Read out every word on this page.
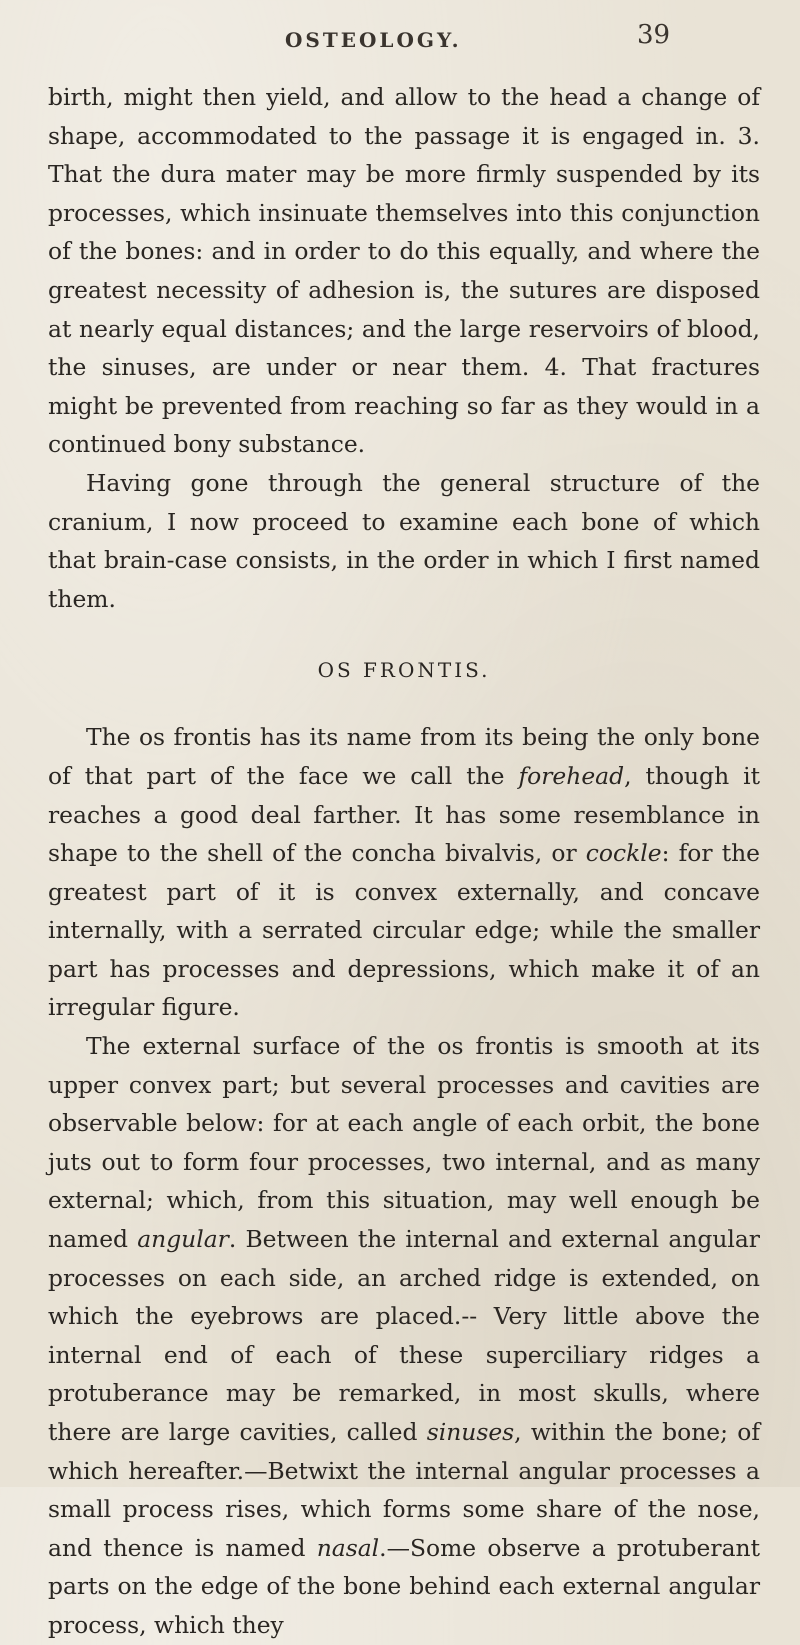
OSTEOLOGY.	39

birth, might then yield, and allow to the head a change of shape, accommodated to the passage it is engaged in. 3. That the dura mater may be more firmly suspended by its processes, which insinuate themselves into this conjunction of the bones: and in order to do this equally, and where the greatest necessity of adhesion is, the sutures are disposed at nearly equal distances; and the large reservoirs of blood, the sinuses, are under or near them. 4. That fractures might be prevented from reaching so far as they would in a continued bony substance.

Having gone through the general structure of the cranium, I now proceed to examine each bone of which that brain-case consists, in the order in which I first named them.

OS FRONTIS.

The os frontis has its name from its being the only bone of that part of the face we call the forehead, though it reaches a good deal farther. It has some resemblance in shape to the shell of the concha bivalvis, or cockle: for the greatest part of it is convex externally, and concave internally, with a serrated circular edge; while the smaller part has processes and depressions, which make it of an irregular figure.

The external surface of the os frontis is smooth at its upper convex part; but several processes and cavities are observable below: for at each angle of each orbit, the bone juts out to form four processes, two internal, and as many external; which, from this situation, may well enough be named angular. Between the internal and external angular processes on each side, an arched ridge is extended, on which the eyebrows are placed.-- Very little above the internal end of each of these superciliary ridges a protuberance may be remarked, in most skulls, where there are large cavities, called sinuses, within the bone; of which hereafter.—Betwixt the internal angular processes a small process rises, which forms some share of the nose, and thence is named nasal.—Some observe a protuberant parts on the edge of the bone behind each external angular process, which they
